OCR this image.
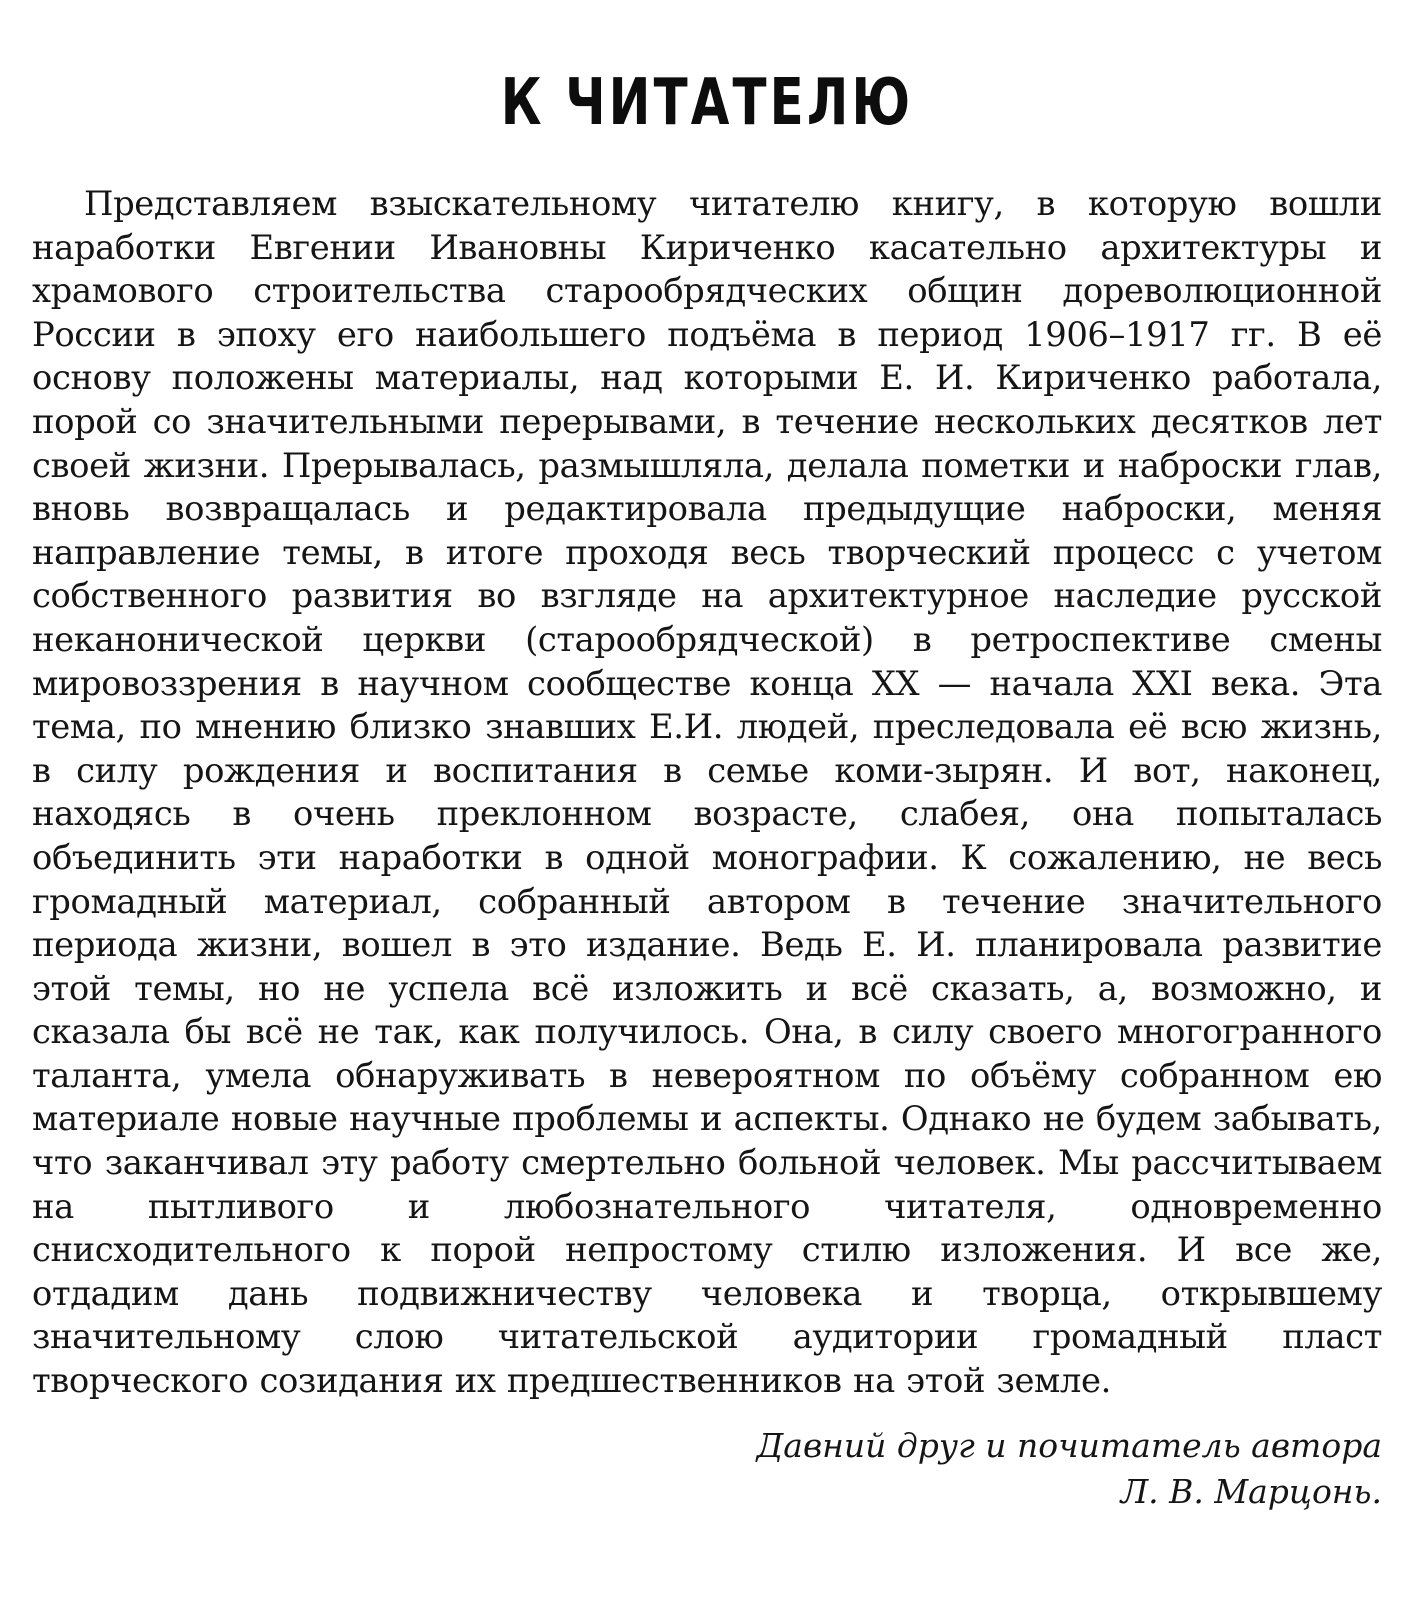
К ЧИТАТЕЛЮ

Представляем взыскательному читателю книгу, в которую вошли наработки Евгении Ивановны Кириченко касательно архитектуры и храмового строительства старообрядческих общин дореволюционной России в эпоху его наибольшего подъёма в период 1906–1917 гг. В её основу положены материалы, над которыми Е. И. Кириченко работала, порой со значительными перерывами, в течение нескольких десятков лет своей жизни. Прерывалась, размышляла, делала пометки и наброски глав, вновь возвращалась и редактировала предыдущие наброски, меняя направление темы, в итоге проходя весь творческий процесс с учетом собственного развития во взгляде на архитектурное наследие русской неканонической церкви (старообрядческой) в ретроспективе смены мировоззрения в научном сообществе конца XX — начала XXI века. Эта тема, по мнению близко знавших Е.И. людей, преследовала её всю жизнь, в силу рождения и воспитания в семье коми-зырян. И вот, наконец, находясь в очень преклонном возрасте, слабея, она попыталась объединить эти наработки в одной монографии. К сожалению, не весь громадный материал, собранный автором в течение значительного периода жизни, вошел в это издание. Ведь Е. И. планировала развитие этой темы, но не успела всё изложить и всё сказать, а, возможно, и сказала бы всё не так, как получилось. Она, в силу своего многогранного таланта, умела обнаруживать в невероятном по объёму собранном ею материале новые научные проблемы и аспекты. Однако не будем забывать, что заканчивал эту работу смертельно больной человек. Мы рассчитываем на пытливого и любознательного читателя, одновременно снисходительного к порой непростому стилю изложения. И все же, отдадим дань подвижничеству человека и творца, открывшему значительному слою читательской аудитории громадный пласт творческого созидания их предшественников на этой земле.

Давний друг и почитатель автора
Л. В. Марцонь.
